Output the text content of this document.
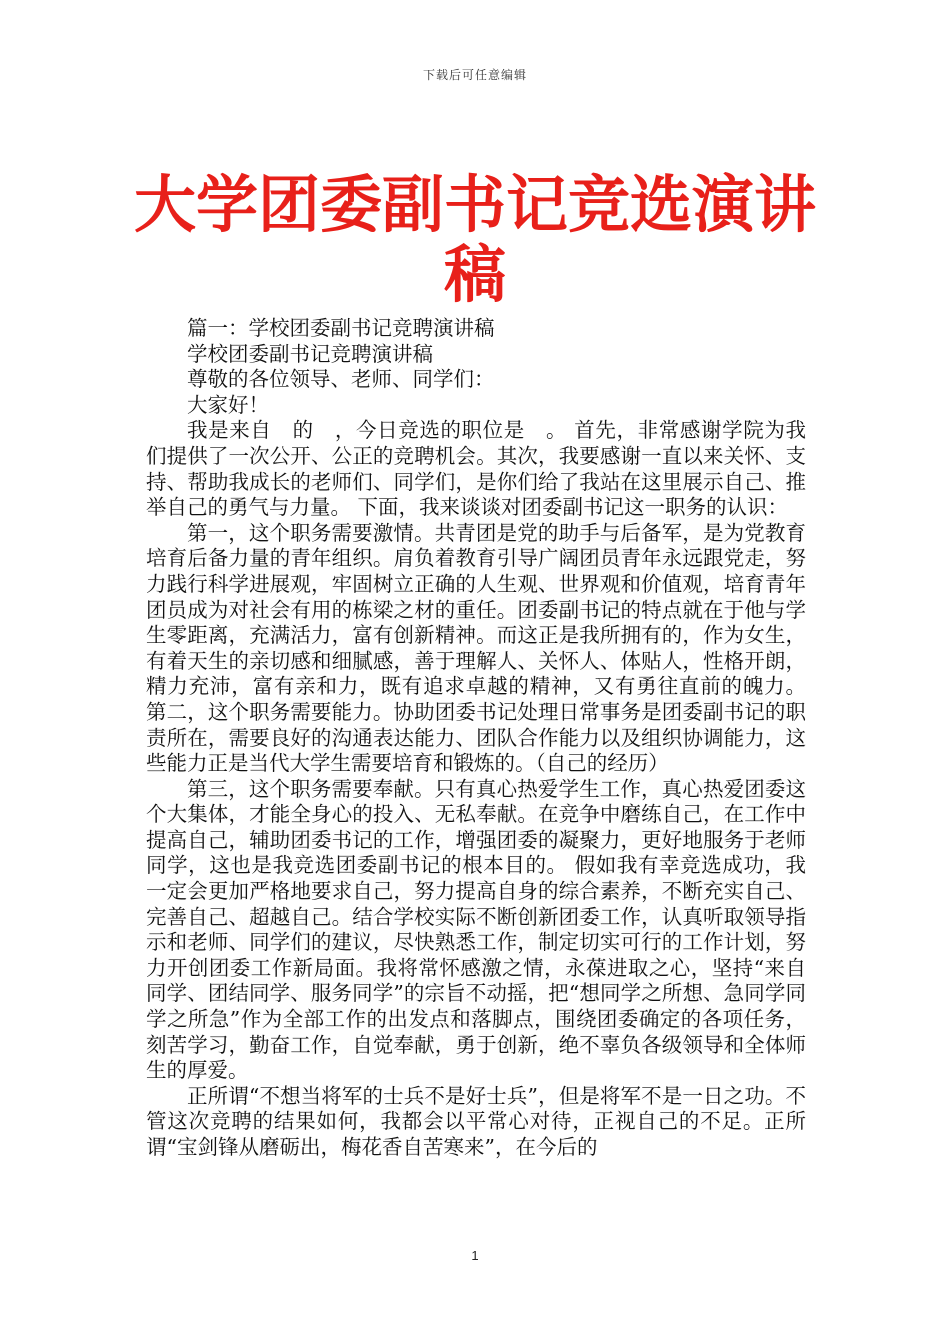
下载后可任意编辑
大学团委副书记竞选演讲稿

篇一：学校团委副书记竞聘演讲稿

学校团委副书记竞聘演讲稿

尊敬的各位领导、老师、同学们：

大家好！

我是来自　的　，今日竞选的职位是　。 首先，非常感谢学院为我们提供了一次公开、公正的竞聘机会。其次，我要感谢一直以来关怀、支持、帮助我成长的老师们、同学们，是你们给了我站在这里展示自己、推举自己的勇气与力量。 下面，我来谈谈对团委副书记这一职务的认识：

第一，这个职务需要激情。共青团是党的助手与后备军，是为党教育培育后备力量的青年组织。肩负着教育引导广阔团员青年永远跟党走，努力践行科学进展观，牢固树立正确的人生观、世界观和价值观，培育青年团员成为对社会有用的栋梁之材的重任。团委副书记的特点就在于他与学生零距离，充满活力，富有创新精神。而这正是我所拥有的，作为女生，有着天生的亲切感和细腻感，善于理解人、关怀人、体贴人，性格开朗，精力充沛，富有亲和力，既有追求卓越的精神，又有勇往直前的魄力。 第二，这个职务需要能力。协助团委书记处理日常事务是团委副书记的职责所在，需要良好的沟通表达能力、团队合作能力以及组织协调能力，这些能力正是当代大学生需要培育和锻炼的。（自己的经历）

第三，这个职务需要奉献。只有真心热爱学生工作，真心热爱团委这个大集体，才能全身心的投入、无私奉献。在竞争中磨练自己，在工作中提高自己，辅助团委书记的工作，增强团委的凝聚力，更好地服务于老师同学，这也是我竞选团委副书记的根本目的。 假如我有幸竞选成功，我一定会更加严格地要求自己，努力提高自身的综合素养，不断充实自己、完善自己、超越自己。结合学校实际不断创新团委工作，认真听取领导指示和老师、同学们的建议，尽快熟悉工作，制定切实可行的工作计划，努力开创团委工作新局面。我将常怀感激之情，永葆进取之心，坚持“来自同学、团结同学、服务同学”的宗旨不动摇，把“想同学之所想、急同学同学之所急”作为全部工作的出发点和落脚点，围绕团委确定的各项任务，刻苦学习，勤奋工作，自觉奉献，勇于创新，绝不辜负各级领导和全体师生的厚爱。

正所谓“不想当将军的士兵不是好士兵”，但是将军不是一日之功。不管这次竞聘的结果如何，我都会以平常心对待，正视自己的不足。正所谓“宝剑锋从磨砺出，梅花香自苦寒来”，在今后的

1
